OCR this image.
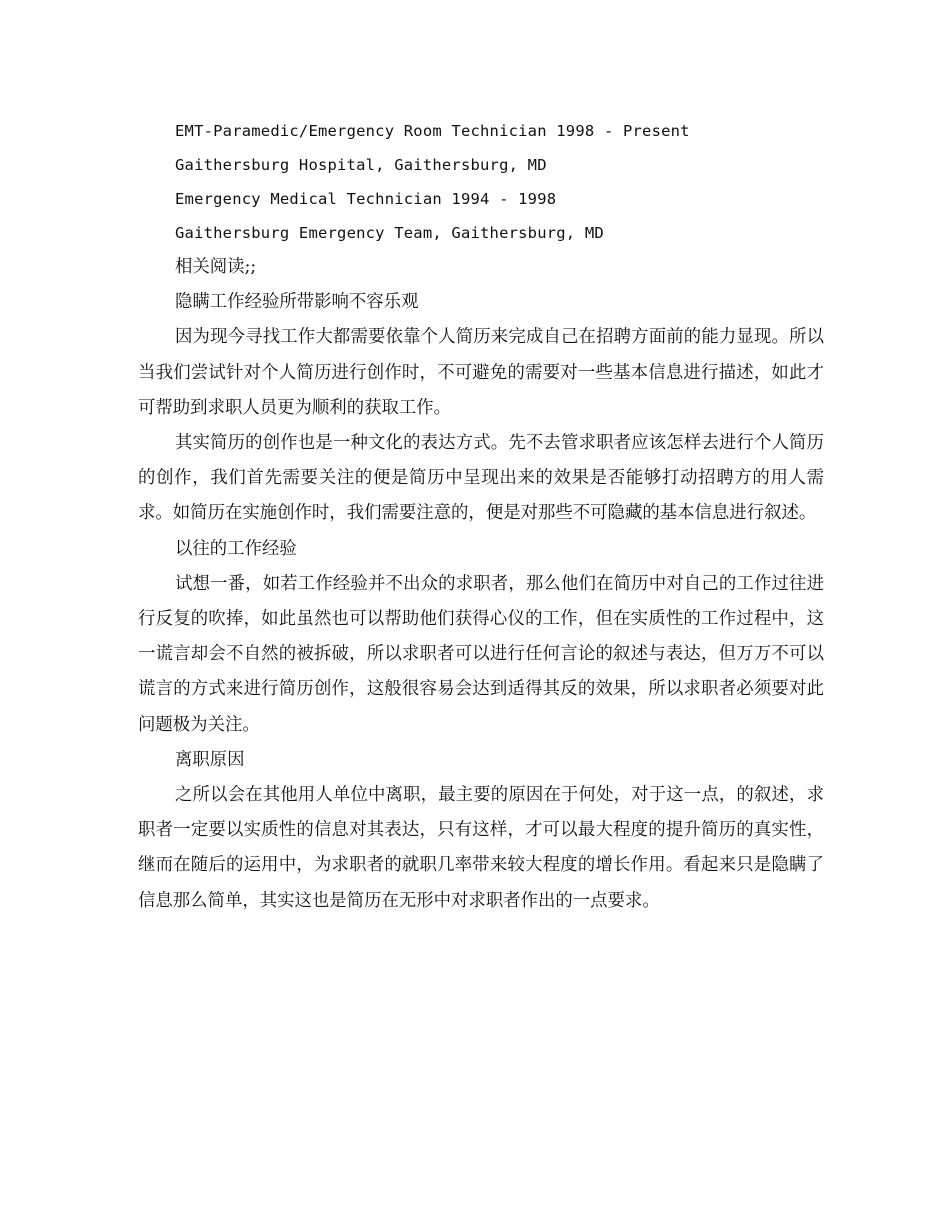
EMT-Paramedic/Emergency Room Technician 1998 - Present

Gaithersburg Hospital, Gaithersburg, MD

Emergency Medical Technician 1994 - 1998

Gaithersburg Emergency Team, Gaithersburg, MD

相关阅读;;

隐瞒工作经验所带影响不容乐观

因为现今寻找工作大都需要依靠个人简历来完成自己在招聘方面前的能力显现。所以当我们尝试针对个人简历进行创作时，不可避免的需要对一些基本信息进行描述，如此才可帮助到求职人员更为顺利的获取工作。

其实简历的创作也是一种文化的表达方式。先不去管求职者应该怎样去进行个人简历的创作，我们首先需要关注的便是简历中呈现出来的效果是否能够打动招聘方的用人需求。如简历在实施创作时，我们需要注意的，便是对那些不可隐藏的基本信息进行叙述。

以往的工作经验

试想一番，如若工作经验并不出众的求职者，那么他们在简历中对自己的工作过往进行反复的吹捧，如此虽然也可以帮助他们获得心仪的工作，但在实质性的工作过程中，这一谎言却会不自然的被拆破，所以求职者可以进行任何言论的叙述与表达，但万万不可以谎言的方式来进行简历创作，这般很容易会达到适得其反的效果，所以求职者必须要对此问题极为关注。

离职原因

之所以会在其他用人单位中离职，最主要的原因在于何处，对于这一点，的叙述，求职者一定要以实质性的信息对其表达，只有这样，才可以最大程度的提升简历的真实性，继而在随后的运用中，为求职者的就职几率带来较大程度的增长作用。看起来只是隐瞒了信息那么简单，其实这也是简历在无形中对求职者作出的一点要求。
